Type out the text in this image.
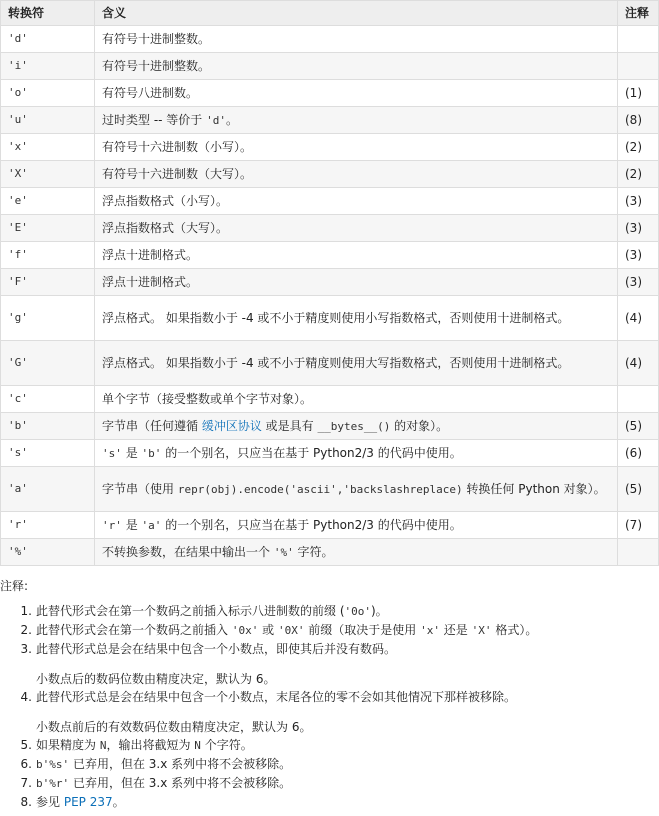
转换符	含义	注释
'd'	有符号十进制整数。	
'i'	有符号十进制整数。	
'o'	有符号八进制数。	(1)
'u'	过时类型 -- 等价于 'd'。	(8)
'x'	有符号十六进制数（小写）。	(2)
'X'	有符号十六进制数（大写）。	(2)
'e'	浮点指数格式（小写）。	(3)
'E'	浮点指数格式（大写）。	(3)
'f'	浮点十进制格式。	(3)
'F'	浮点十进制格式。	(3)
'g'	浮点格式。 如果指数小于 -4 或不小于精度则使用小写指数格式，否则使用十进制格式。	(4)
'G'	浮点格式。 如果指数小于 -4 或不小于精度则使用大写指数格式，否则使用十进制格式。	(4)
'c'	单个字节（接受整数或单个字节对象）。	
'b'	字节串（任何遵循 缓冲区协议 或是具有 __bytes__() 的对象）。	(5)
's'	's' 是 'b' 的一个别名，只应当在基于 Python2/3 的代码中使用。	(6)
'a'	字节串（使用 repr(obj).encode('ascii','backslashreplace) 转换任何 Python 对象）。	(5)
'r'	'r' 是 'a' 的一个别名，只应当在基于 Python2/3 的代码中使用。	(7)
'%'	不转换参数，在结果中输出一个 '%' 字符。	
注释:
1. 此替代形式会在第一个数码之前插入标示八进制数的前缀 ('0o')。
2. 此替代形式会在第一个数码之前插入 '0x' 或 '0X' 前缀（取决于是使用 'x' 还是 'X' 格式）。
3. 此替代形式总是会在结果中包含一个小数点，即使其后并没有数码。
小数点后的数码位数由精度决定，默认为 6。
4. 此替代形式总是会在结果中包含一个小数点，末尾各位的零不会如其他情况下那样被移除。
小数点前后的有效数码位数由精度决定，默认为 6。
5. 如果精度为 N，输出将截短为 N 个字符。
6. b'%s' 已弃用，但在 3.x 系列中将不会被移除。
7. b'%r' 已弃用，但在 3.x 系列中将不会被移除。
8. 参见 PEP 237。
